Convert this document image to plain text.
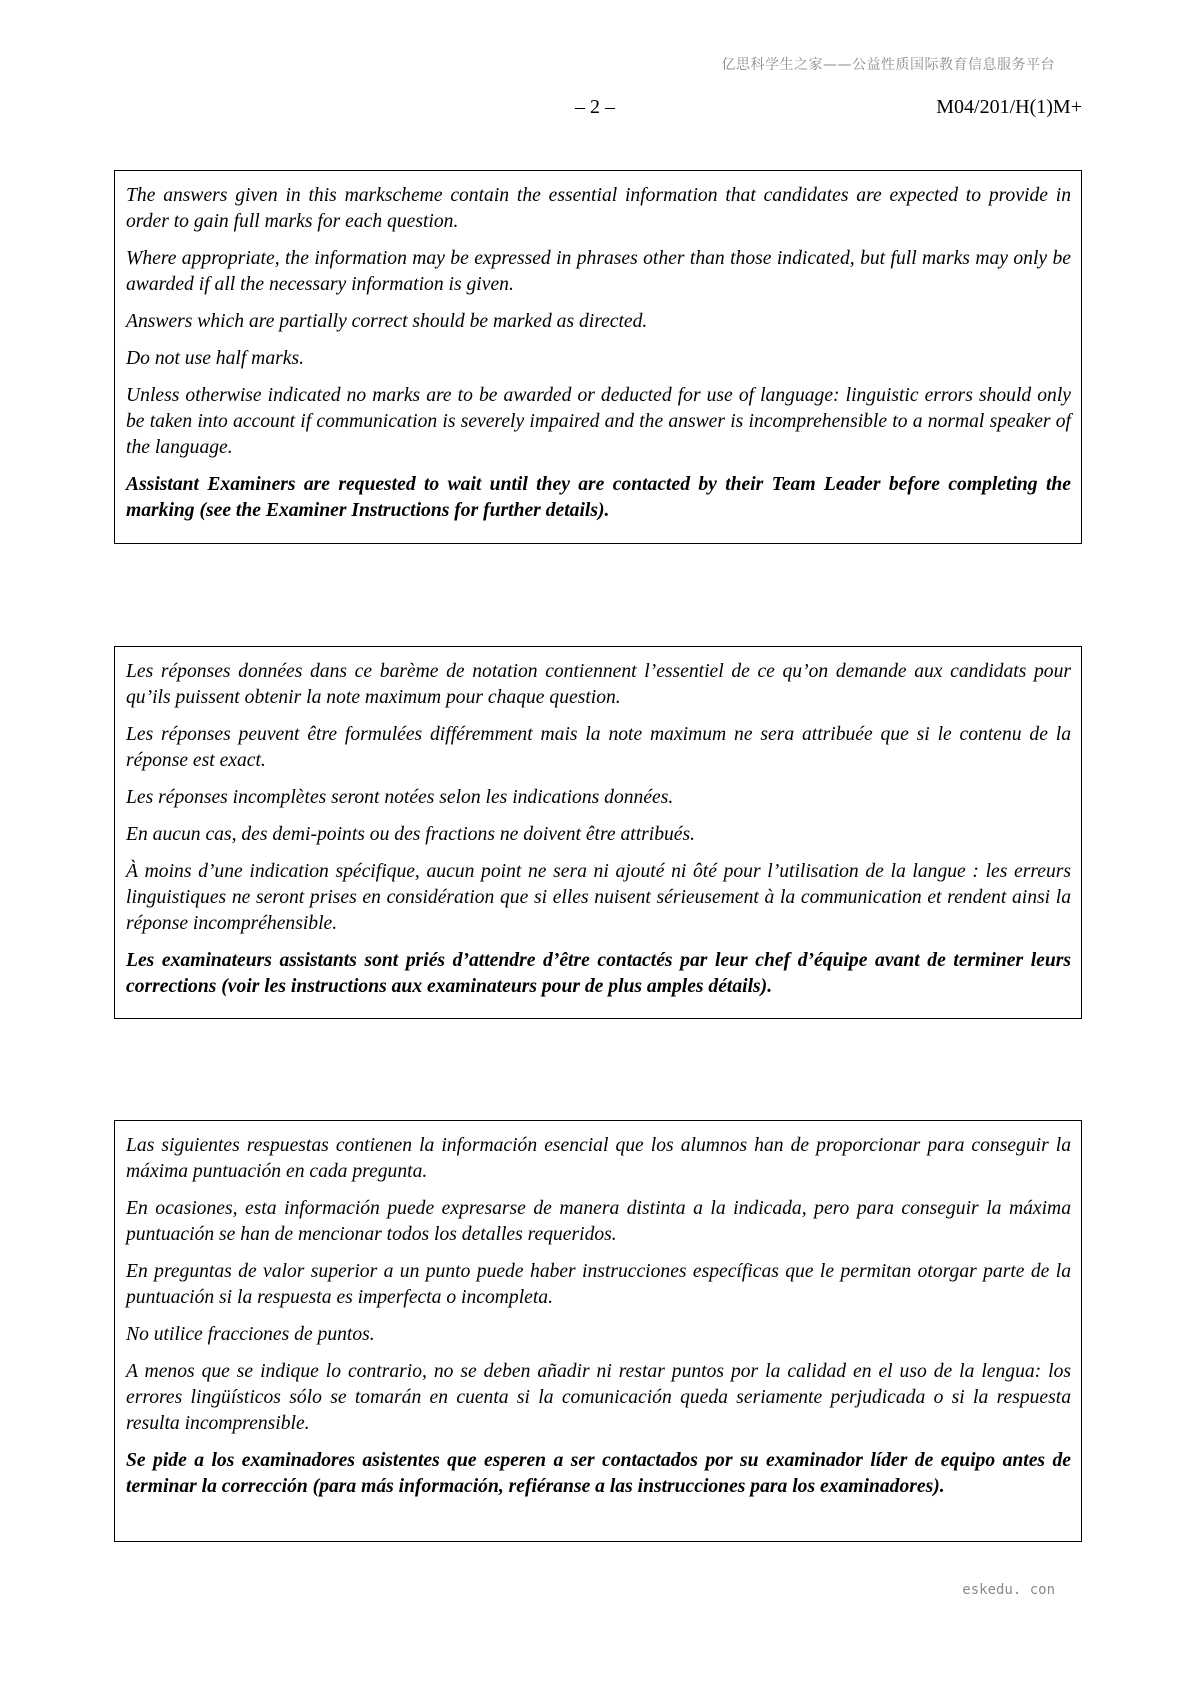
亿思科学生之家——公益性质国际教育信息服务平台
– 2 –	M04/201/H(1)M+

The answers given in this markscheme contain the essential information that candidates are expected to provide in order to gain full marks for each question.

Where appropriate, the information may be expressed in phrases other than those indicated, but full marks may only be awarded if all the necessary information is given.

Answers which are partially correct should be marked as directed.

Do not use half marks.

Unless otherwise indicated no marks are to be awarded or deducted for use of language: linguistic errors should only be taken into account if communication is severely impaired and the answer is incomprehensible to a normal speaker of the language.

Assistant Examiners are requested to wait until they are contacted by their Team Leader before completing the marking (see the Examiner Instructions for further details).

Les réponses données dans ce barème de notation contiennent l’essentiel de ce qu’on demande aux candidats pour qu’ils puissent obtenir la note maximum pour chaque question.

Les réponses peuvent être formulées différemment mais la note maximum ne sera attribuée que si le contenu de la réponse est exact.

Les réponses incomplètes seront notées selon les indications données.

En aucun cas, des demi-points ou des fractions ne doivent être attribués.

À moins d’une indication spécifique, aucun point ne sera ni ajouté ni ôté pour l’utilisation de la langue : les erreurs linguistiques ne seront prises en considération que si elles nuisent sérieusement à la communication et rendent ainsi la réponse incompréhensible.

Les examinateurs assistants sont priés d’attendre d’être contactés par leur chef d’équipe avant de terminer leurs corrections (voir les instructions aux examinateurs pour de plus amples détails).

Las siguientes respuestas contienen la información esencial que los alumnos han de proporcionar para conseguir la máxima puntuación en cada pregunta.

En ocasiones, esta información puede expresarse de manera distinta a la indicada, pero para conseguir la máxima puntuación se han de mencionar todos los detalles requeridos.

En preguntas de valor superior a un punto puede haber instrucciones específicas que le permitan otorgar parte de la puntuación si la respuesta es imperfecta o incompleta.

No utilice fracciones de puntos.

A menos que se indique lo contrario, no se deben añadir ni restar puntos por la calidad en el uso de la lengua: los errores lingüísticos sólo se tomarán en cuenta si la comunicación queda seriamente perjudicada o si la respuesta resulta incomprensible.

Se pide a los examinadores asistentes que esperen a ser contactados por su examinador líder de equipo antes de terminar la corrección (para más información, refiéranse a las instrucciones para los examinadores).

eskedu. con
